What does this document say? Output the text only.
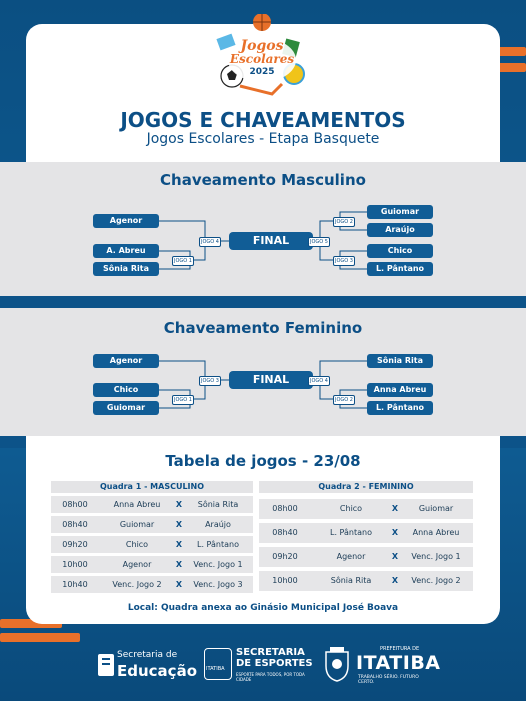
Jogos
Escolares
2025
JOGOS E CHAVEAMENTOS
Jogos Escolares - Etapa Basquete
Chaveamento Masculino
Agenor
A. Abreu
Sônia Rita
JOGO 4
JOGO 1
FINAL	JOGO 5
JOGO 2
JOGO 3
Guiomar
Araújo
Chico
L. Pântano
Chaveamento Feminino
Agenor
Chico
Guiomar
JOGO 3
JOGO 1
FINAL	JOGO 4
JOGO 2
Sônia Rita
Anna Abreu
L. Pântano
Tabela de jogos - 23/08
Quadra 1 - MASCULINO
08h00	Anna Abreu	X	Sônia Rita
08h40	Guiomar	X	Araújo
09h20	Chico	X	L. Pântano
10h00	Agenor	X	Venc. Jogo 1
10h40	Venc. Jogo 2	X	Venc. Jogo 3
Quadra 2 - FEMININO
08h00	Chico	X	Guiomar
08h40	L. Pântano	X	Anna Abreu
09h20	Agenor	X	Venc. Jogo 1
10h00	Sônia Rita	X	Venc. Jogo 2
Local: Quadra anexa ao Ginásio Municipal José Boava
Secretaria de
Educação ITATIBA
SECRETARIA
DE ESPORTES
ESPORTE PARA TODOS, POR TODA CIDADE
PREFEITURA DE
ITATIBA
TRABALHO SÉRIO. FUTURO CERTO.
